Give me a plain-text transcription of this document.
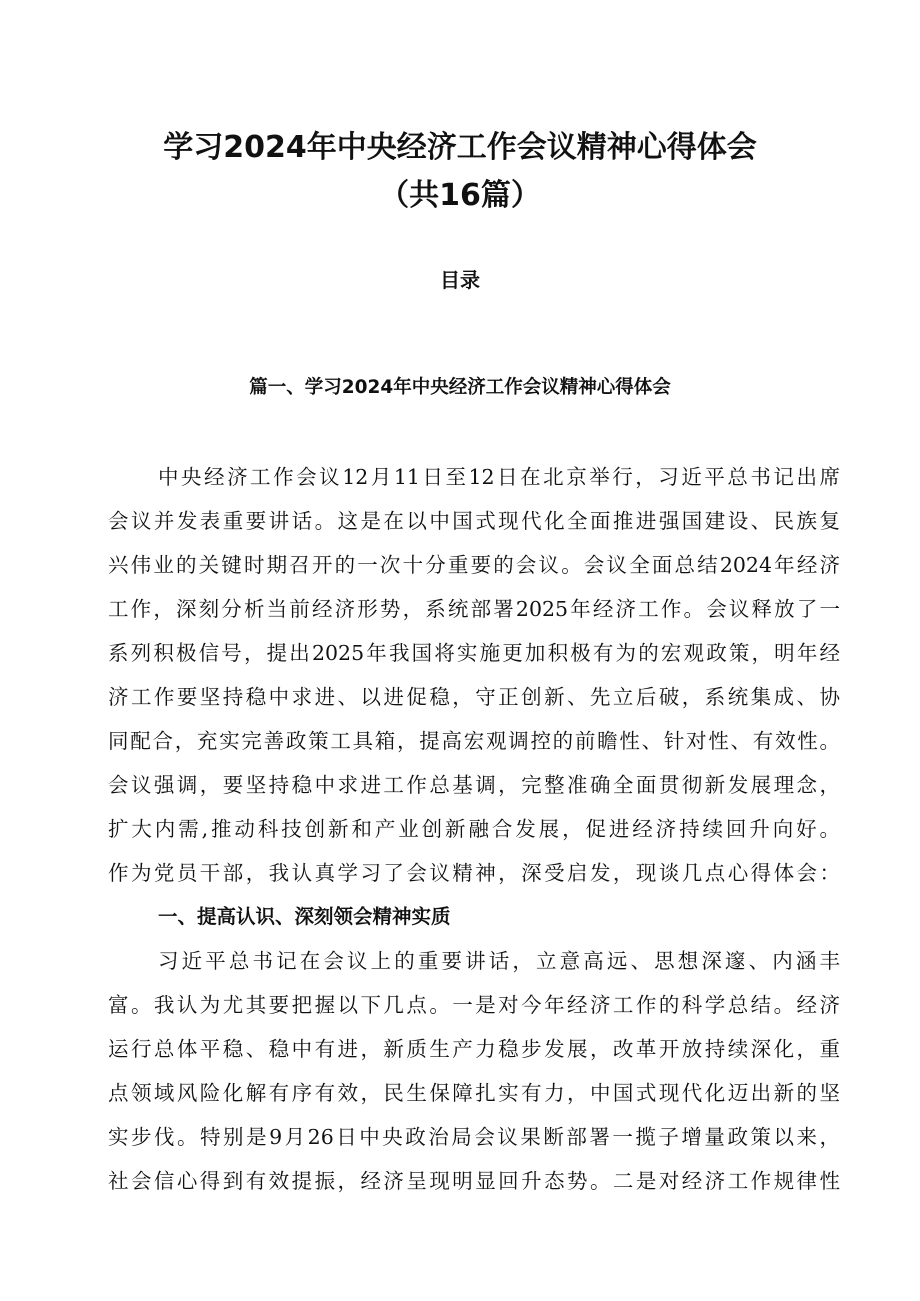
学习2024年中央经济工作会议精神心得体会
（共16篇）
目录
篇一、学习2024年中央经济工作会议精神心得体会
中央经济工作会议12月11日至12日在北京举行，习近平总书记出席
会议并发表重要讲话。这是在以中国式现代化全面推进强国建设、民族复
兴伟业的关键时期召开的一次十分重要的会议。会议全面总结2024年经济
工作，深刻分析当前经济形势，系统部署2025年经济工作。会议释放了一
系列积极信号，提出2025年我国将实施更加积极有为的宏观政策，明年经
济工作要坚持稳中求进、以进促稳，守正创新、先立后破，系统集成、协
同配合，充实完善政策工具箱，提高宏观调控的前瞻性、针对性、有效性。
会议强调，要坚持稳中求进工作总基调，完整准确全面贯彻新发展理念，
扩大内需,推动科技创新和产业创新融合发展，促进经济持续回升向好。
作为党员干部，我认真学习了会议精神，深受启发，现谈几点心得体会：
一、提高认识、深刻领会精神实质
习近平总书记在会议上的重要讲话，立意高远、思想深邃、内涵丰
富。我认为尤其要把握以下几点。一是对今年经济工作的科学总结。经济
运行总体平稳、稳中有进，新质生产力稳步发展，改革开放持续深化，重
点领域风险化解有序有效，民生保障扎实有力，中国式现代化迈出新的坚
实步伐。特别是9月26日中央政治局会议果断部署一揽子增量政策以来，
社会信心得到有效提振，经济呈现明显回升态势。二是对经济工作规律性
